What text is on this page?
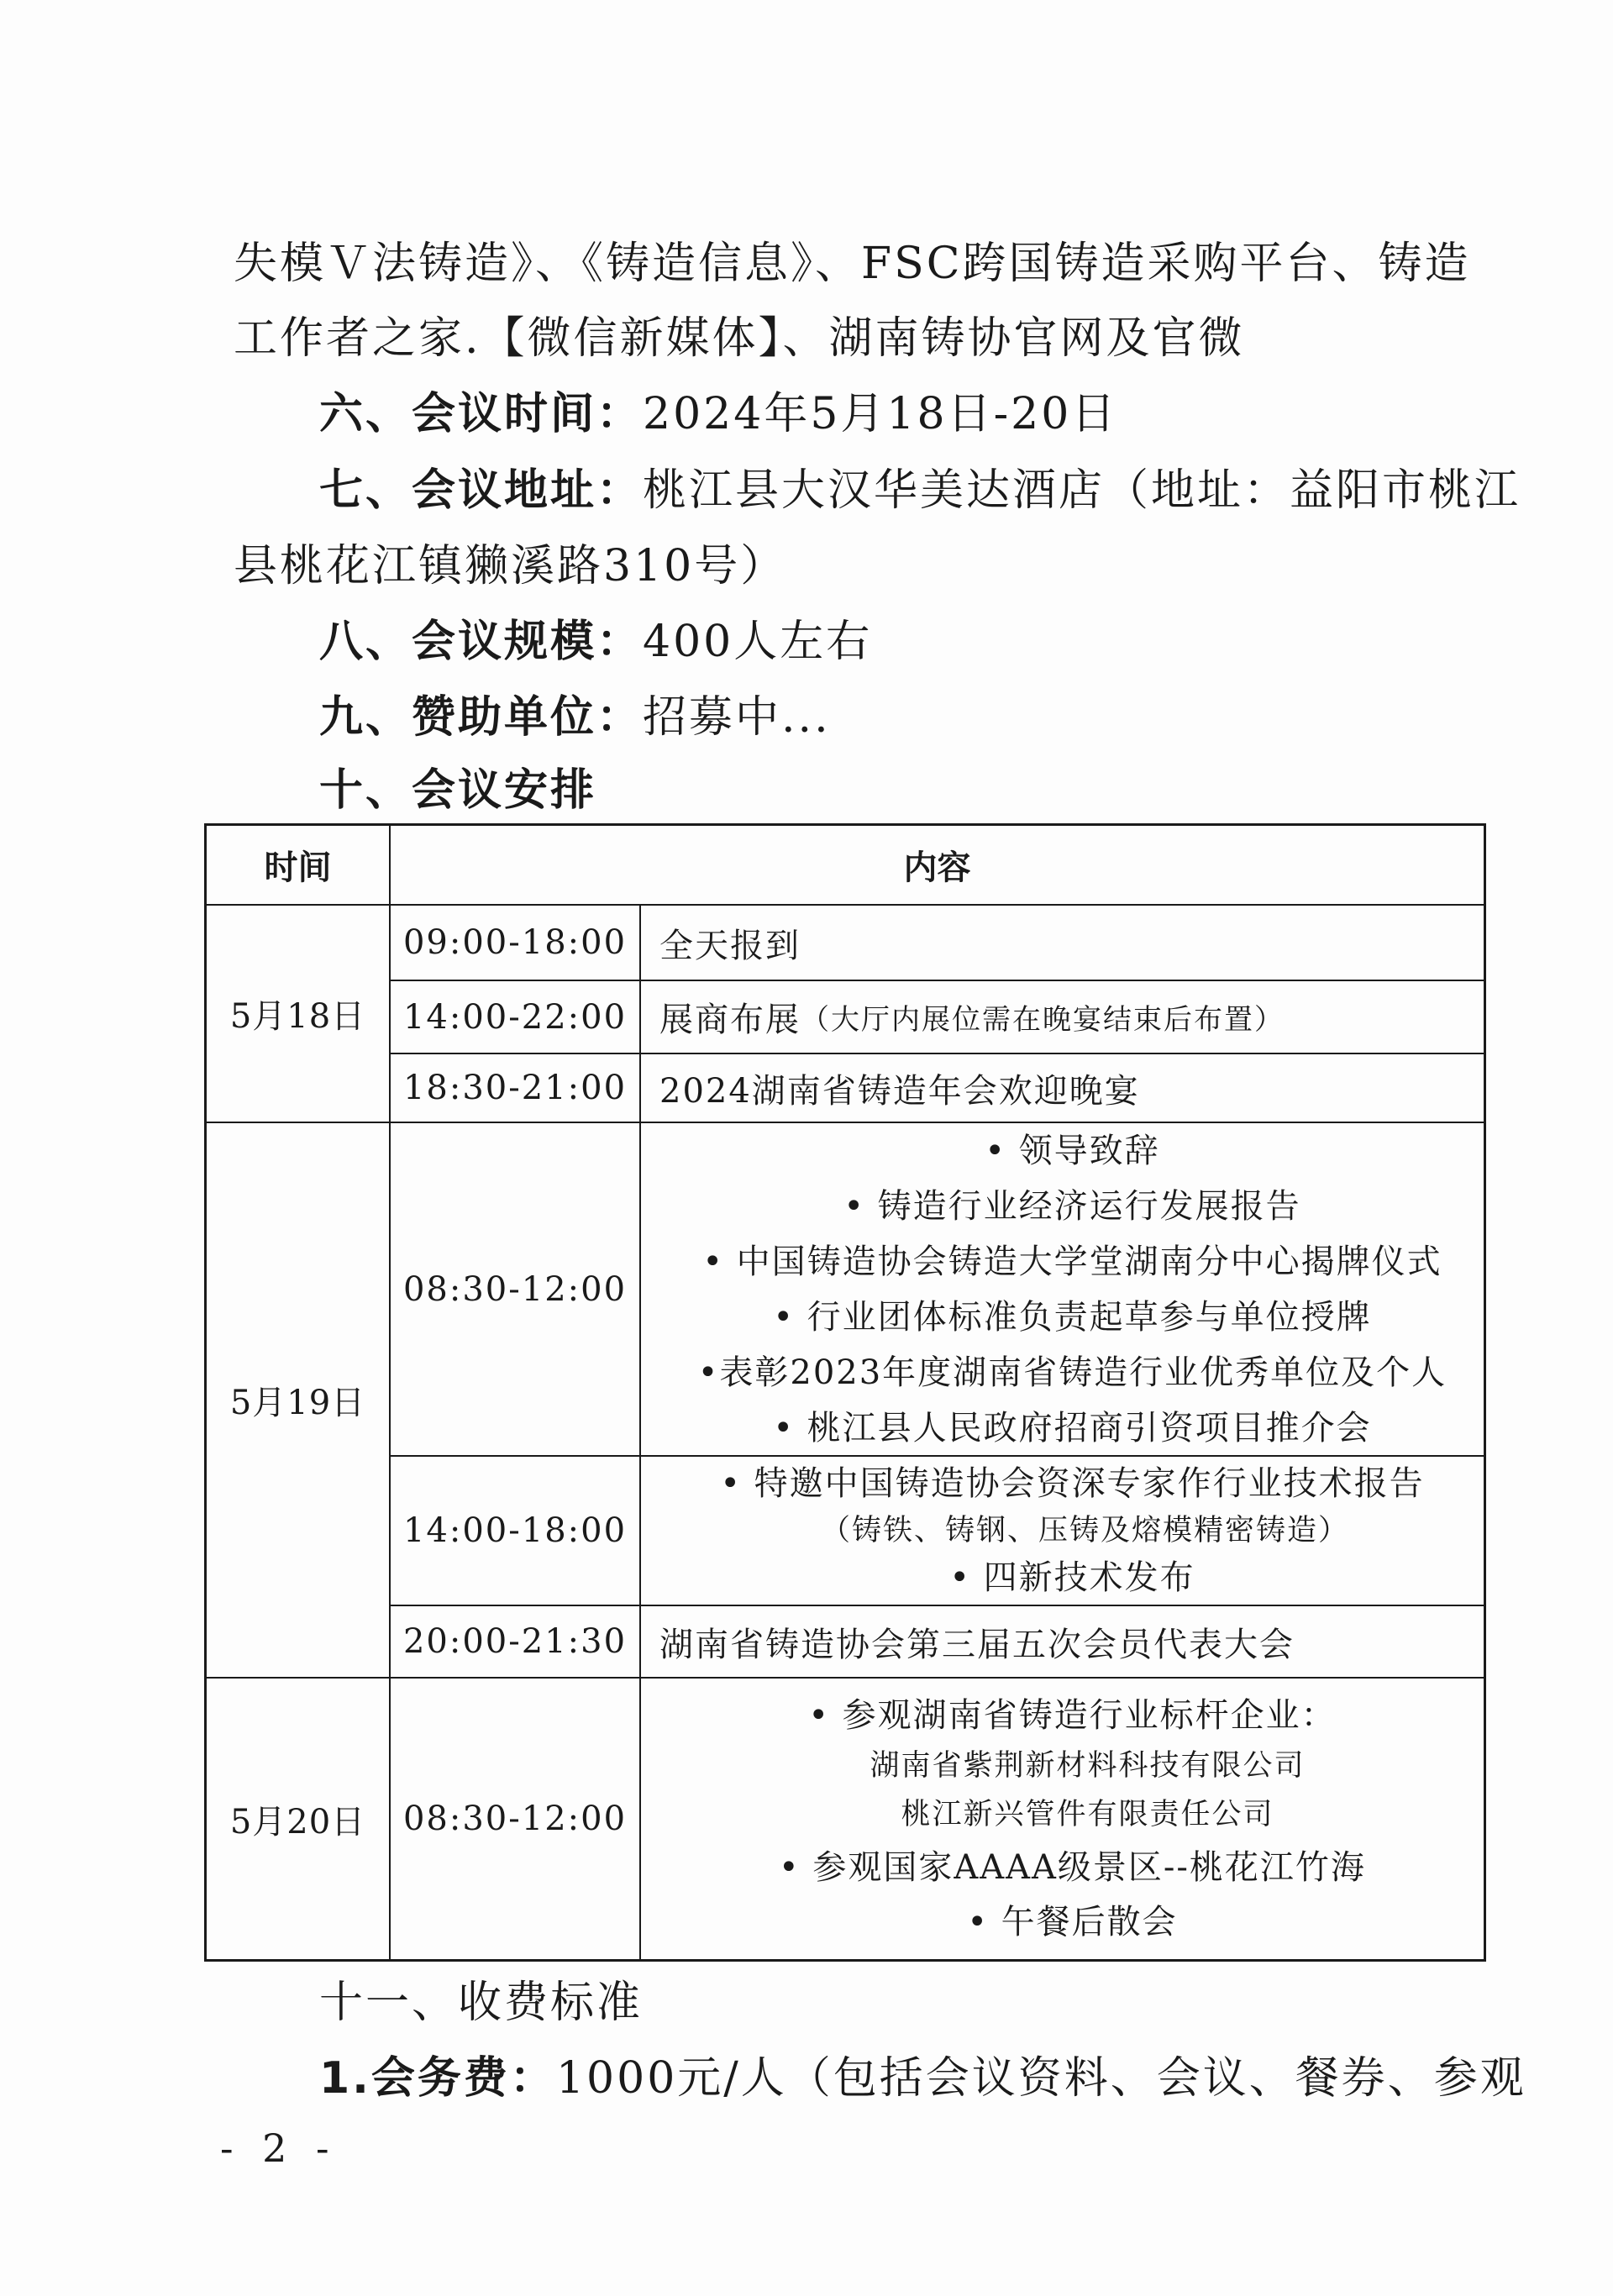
失模Ｖ法铸造》、《铸造信息》、FSC跨国铸造采购平台、铸造
工作者之家.【微信新媒体】、湖南铸协官网及官微
六、会议时间：2024年5月18日-20日
七、会议地址：桃江县大汉华美达酒店（地址：益阳市桃江
县桃花江镇獭溪路310号）
八、会议规模：400人左右
九、赞助单位：招募中...
十、会议安排
时间	内容
5月18日
09:00-18:00 全天报到
14:00-22:00 展商布展 （大厅内展位需在晚宴结束后布置）
18:30-21:00 2024湖南省铸造年会欢迎晚宴
5月19日
08:30-12:00
• 领导致辞
• 铸造行业经济运行发展报告
• 中国铸造协会铸造大学堂湖南分中心揭牌仪式
• 行业团体标准负责起草参与单位授牌
•表彰2023年度湖南省铸造行业优秀单位及个人
• 桃江县人民政府招商引资项目推介会
14:00-18:00
• 特邀中国铸造协会资深专家作行业技术报告
（铸铁、铸钢、压铸及熔模精密铸造）
• 四新技术发布
20:00-21:30 湖南省铸造协会第三届五次会员代表大会
5月20日	08:30-12:00
• 参观湖南省铸造行业标杆企业：
湖南省紫荆新材料科技有限公司
桃江新兴管件有限责任公司
• 参观国家AAAA级景区--桃花江竹海
• 午餐后散会
十一、收费标准
1.会务费：1000元/人（包括会议资料、会议、餐券、参观
- 2 -
